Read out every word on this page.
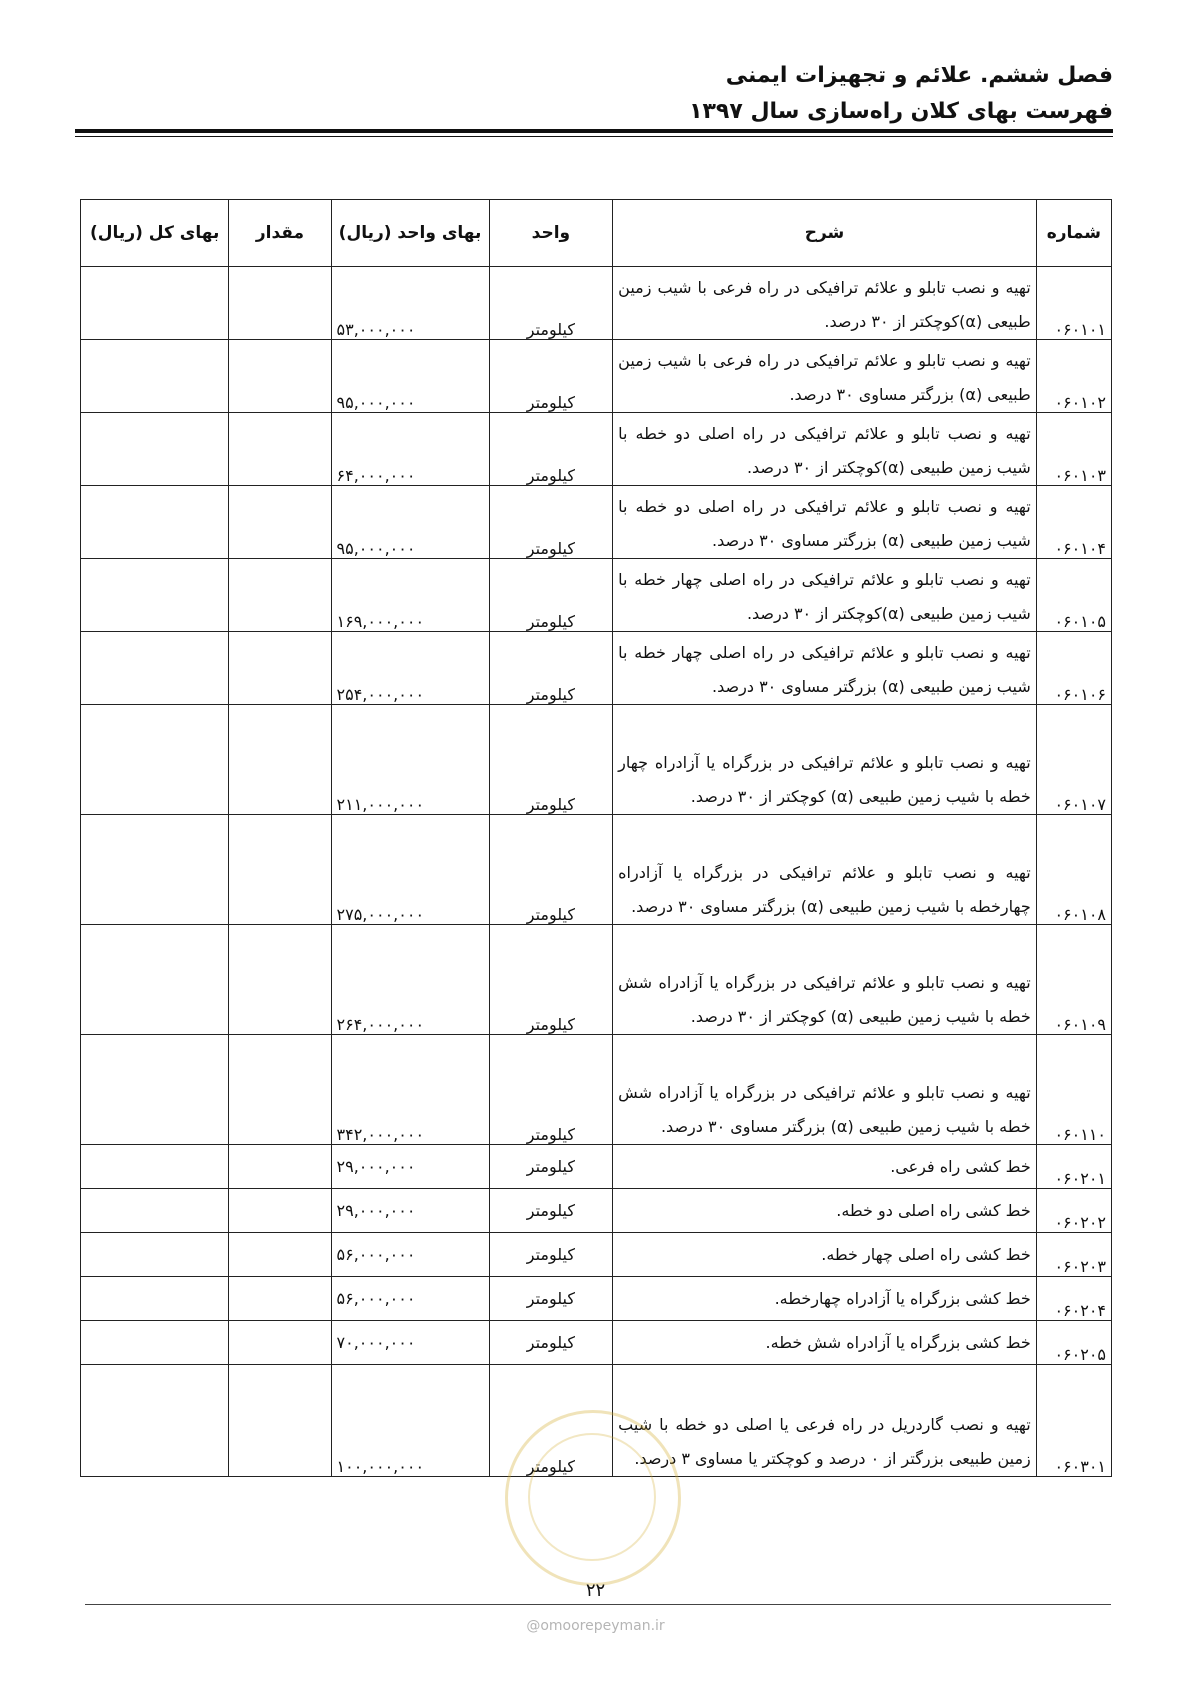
فصل ششم. علائم و تجهیزات ایمنی
فهرست بهای کلان راه‌سازی سال ۱۳۹۷
شماره	شرح	واحد	بهای واحد (ریال)	مقدار	بهای کل (ریال)
۰۶۰۱۰۱	تهیه و نصب تابلو و علائم ترافیکی در راه فرعی با شیب زمین طبیعی (α)کوچکتر از ۳۰ درصد.	کیلومتر	۵۳,۰۰۰,۰۰۰		
۰۶۰۱۰۲	تهیه و نصب تابلو و علائم ترافیکی در راه فرعی با شیب زمین طبیعی (α) بزرگتر مساوی ۳۰ درصد.	کیلومتر	۹۵,۰۰۰,۰۰۰		
۰۶۰۱۰۳	تهیه و نصب تابلو و علائم ترافیکی در راه اصلی دو خطه با شیب زمین طبیعی (α)کوچکتر از ۳۰ درصد.	کیلومتر	۶۴,۰۰۰,۰۰۰		
۰۶۰۱۰۴	تهیه و نصب تابلو و علائم ترافیکی در راه اصلی دو خطه با شیب زمین طبیعی (α) بزرگتر مساوی ۳۰ درصد.	کیلومتر	۹۵,۰۰۰,۰۰۰		
۰۶۰۱۰۵	تهیه و نصب تابلو و علائم ترافیکی در راه اصلی چهار خطه با شیب زمین طبیعی (α)کوچکتر از ۳۰ درصد.	کیلومتر	۱۶۹,۰۰۰,۰۰۰		
۰۶۰۱۰۶	تهیه و نصب تابلو و علائم ترافیکی در راه اصلی چهار خطه با شیب زمین طبیعی (α) بزرگتر مساوی ۳۰ درصد.	کیلومتر	۲۵۴,۰۰۰,۰۰۰		
۰۶۰۱۰۷	تهیه و نصب تابلو و علائم ترافیکی در بزرگراه یا آزادراه چهار خطه با شیب زمین طبیعی (α) کوچکتر از ۳۰ درصد.	کیلومتر	۲۱۱,۰۰۰,۰۰۰		
۰۶۰۱۰۸	تهیه و نصب تابلو و علائم ترافیکی در بزرگراه یا آزادراه چهارخطه با شیب زمین طبیعی (α) بزرگتر مساوی ۳۰ درصد.	کیلومتر	۲۷۵,۰۰۰,۰۰۰		
۰۶۰۱۰۹	تهیه و نصب تابلو و علائم ترافیکی در بزرگراه یا آزادراه شش خطه با شیب زمین طبیعی (α) کوچکتر از ۳۰ درصد.	کیلومتر	۲۶۴,۰۰۰,۰۰۰		
۰۶۰۱۱۰	تهیه و نصب تابلو و علائم ترافیکی در بزرگراه یا آزادراه شش خطه با شیب زمین طبیعی (α) بزرگتر مساوی ۳۰ درصد.	کیلومتر	۳۴۲,۰۰۰,۰۰۰		
۰۶۰۲۰۱	خط کشی راه فرعی.	کیلومتر	۲۹,۰۰۰,۰۰۰		
۰۶۰۲۰۲	خط کشی راه اصلی دو خطه.	کیلومتر	۲۹,۰۰۰,۰۰۰		
۰۶۰۲۰۳	خط کشی راه اصلی چهار خطه.	کیلومتر	۵۶,۰۰۰,۰۰۰		
۰۶۰۲۰۴	خط کشی بزرگراه یا آزادراه چهارخطه.	کیلومتر	۵۶,۰۰۰,۰۰۰		
۰۶۰۲۰۵	خط کشی بزرگراه یا آزادراه شش خطه.	کیلومتر	۷۰,۰۰۰,۰۰۰		
۰۶۰۳۰۱	تهیه و نصب گاردریل در راه فرعی یا اصلی دو خطه با شیب زمین طبیعی بزرگتر از ۰ درصد و کوچکتر یا مساوی ۳ درصد.	کیلومتر	۱۰۰,۰۰۰,۰۰۰		
۲۲
@omoorepeyman.ir
